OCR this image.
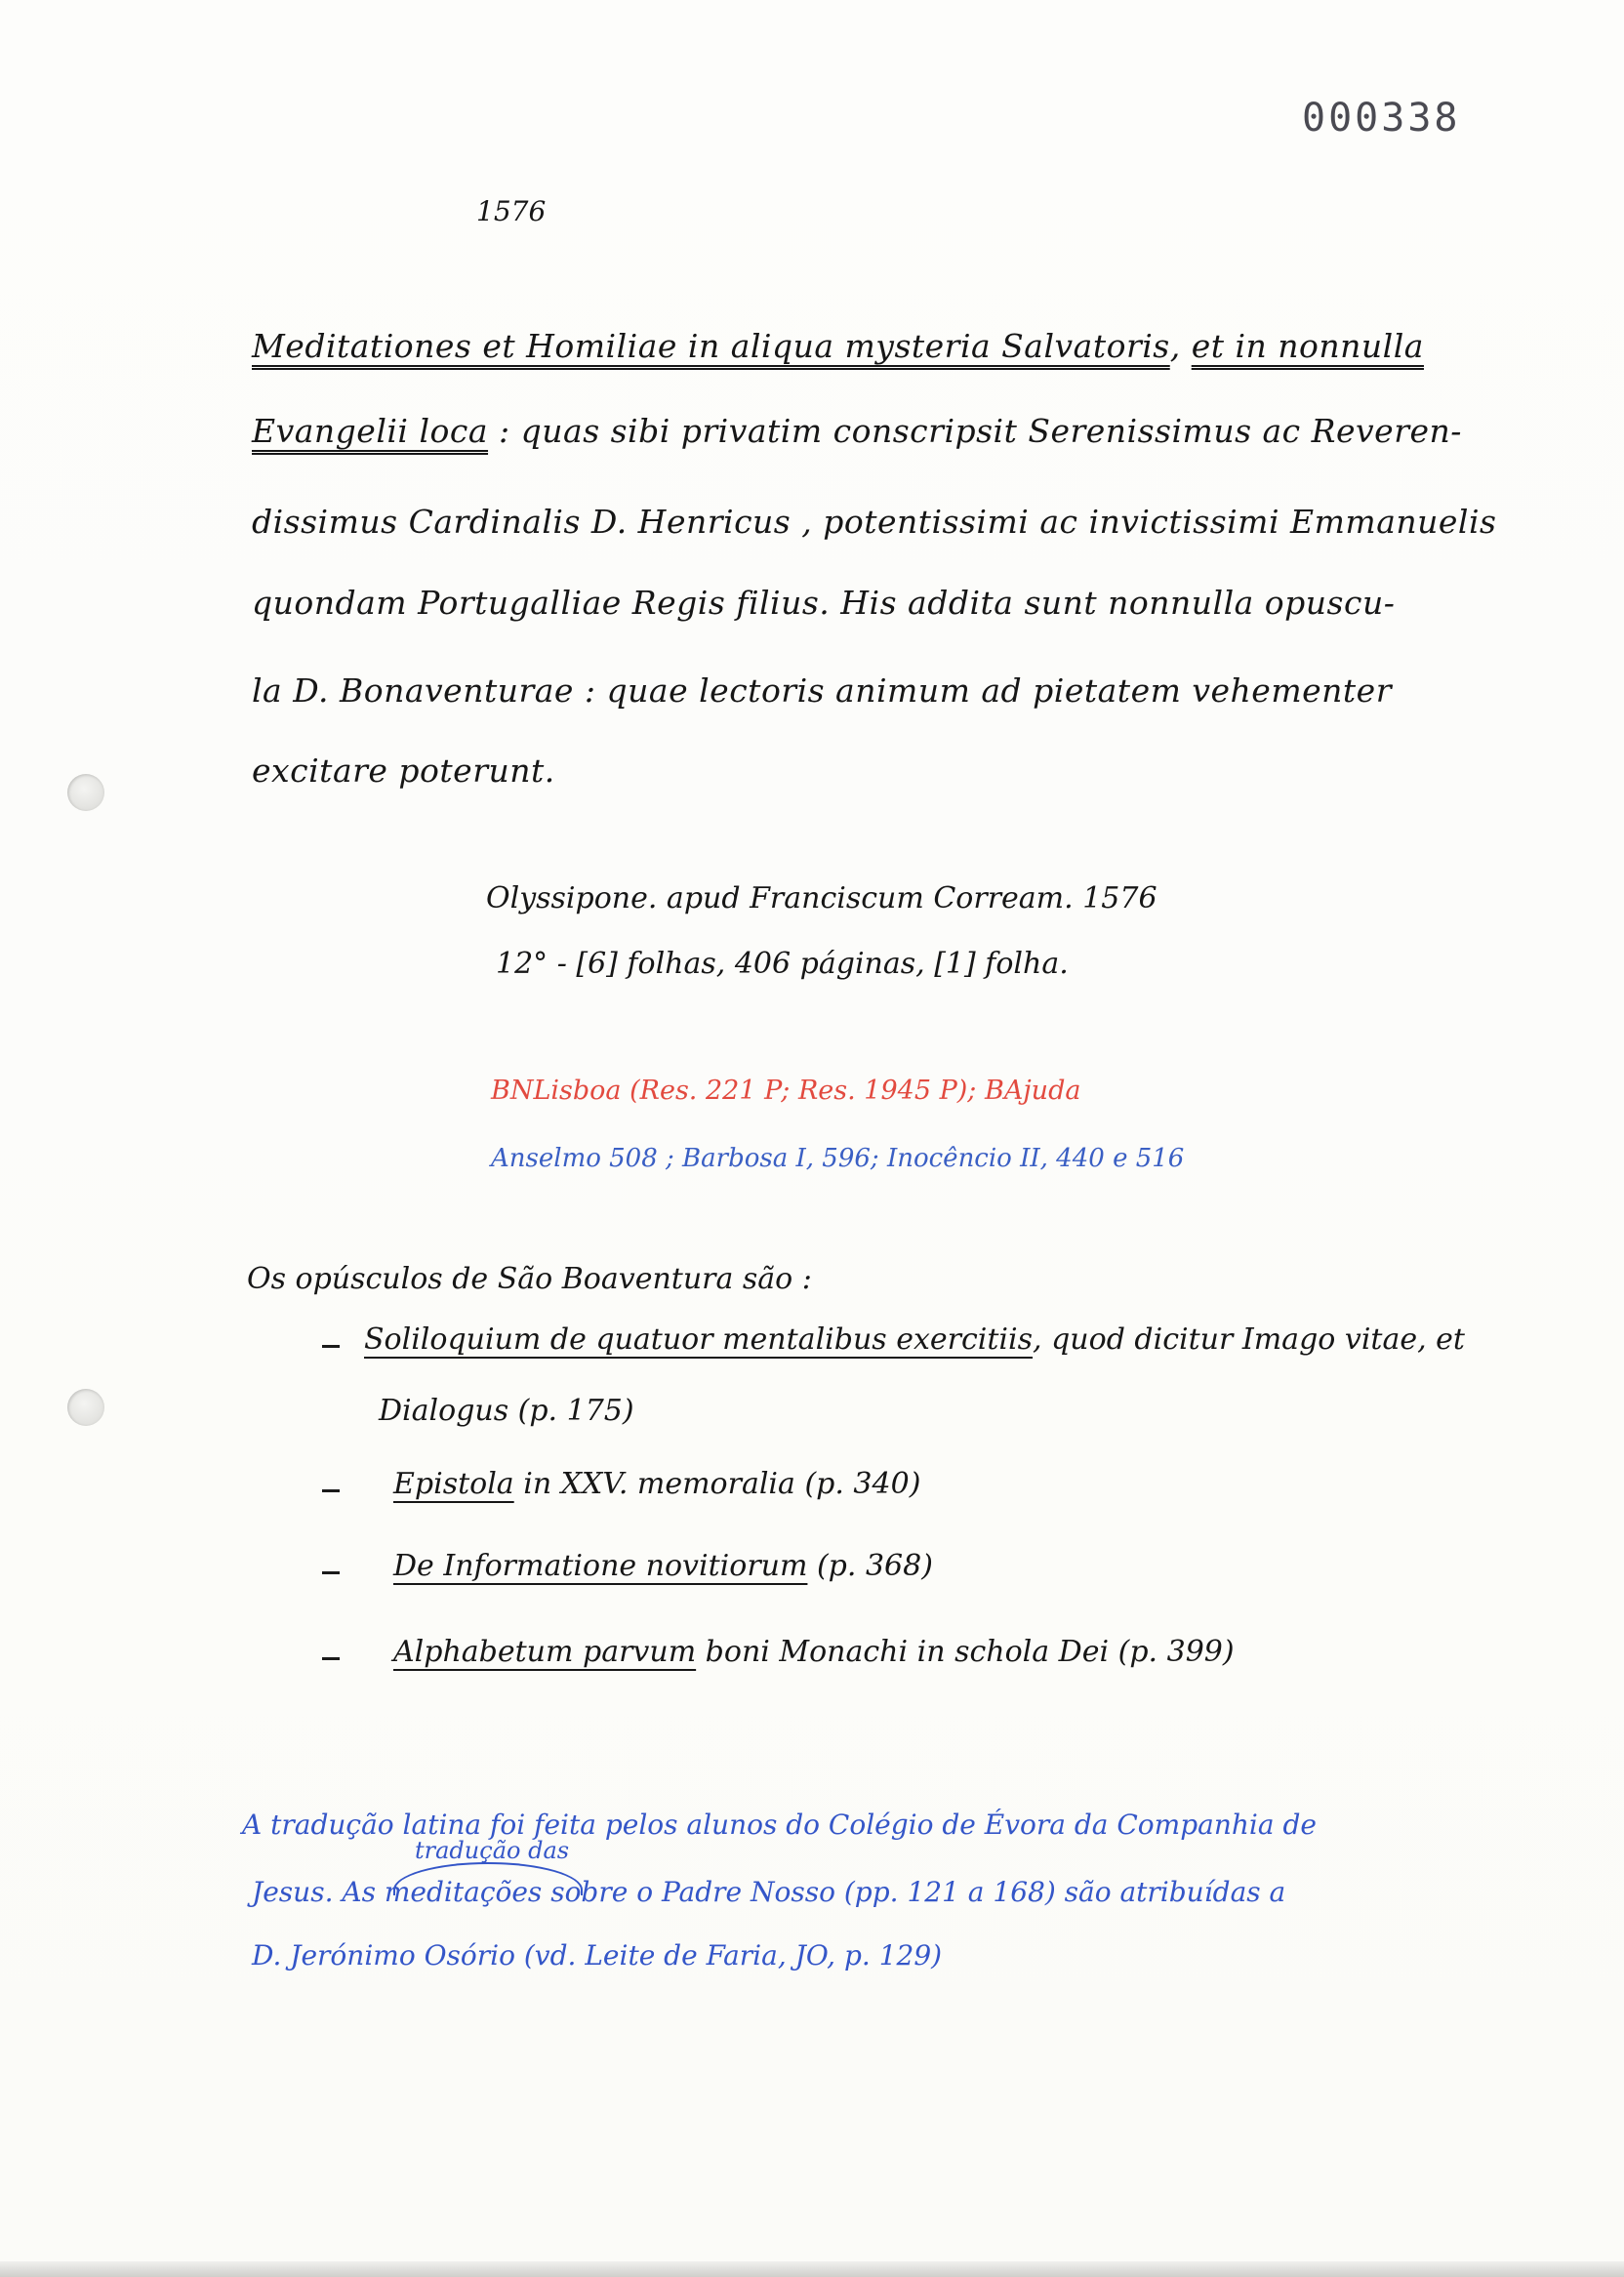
000338

1576

Meditationes et Homiliae in aliqua mysteria Salvatoris, et in nonnulla

Evangelii loca : quas sibi privatim conscripsit Serenissimus ac Reveren-

dissimus Cardinalis D. Henricus , potentissimi ac invictissimi Emmanuelis

quondam Portugalliae Regis filius. His addita sunt nonnulla opuscu-

la D. Bonaventurae : quae lectoris animum ad pietatem vehementer

excitare poterunt.

Olyssipone. apud Franciscum Corream. 1576

12° - [6] folhas, 406 páginas, [1] folha.

BNLisboa (Res. 221 P; Res. 1945 P); BAjuda

Anselmo 508 ; Barbosa I, 596; Inocêncio II, 440 e 516

Os opúsculos de São Boaventura são :

Soliloquium de quatuor mentalibus exercitiis, quod dicitur Imago vitae, et

Dialogus (p. 175)

Epistola in XXV. memoralia (p. 340)

De Informatione novitiorum (p. 368)

Alphabetum parvum boni Monachi in schola Dei (p. 399)

A tradução latina foi feita pelos alunos do Colégio de Évora da Companhia de

tradução das

Jesus. As meditações sobre o Padre Nosso (pp. 121 a 168) são atribuídas a

D. Jerónimo Osório (vd. Leite de Faria, JO, p. 129)
